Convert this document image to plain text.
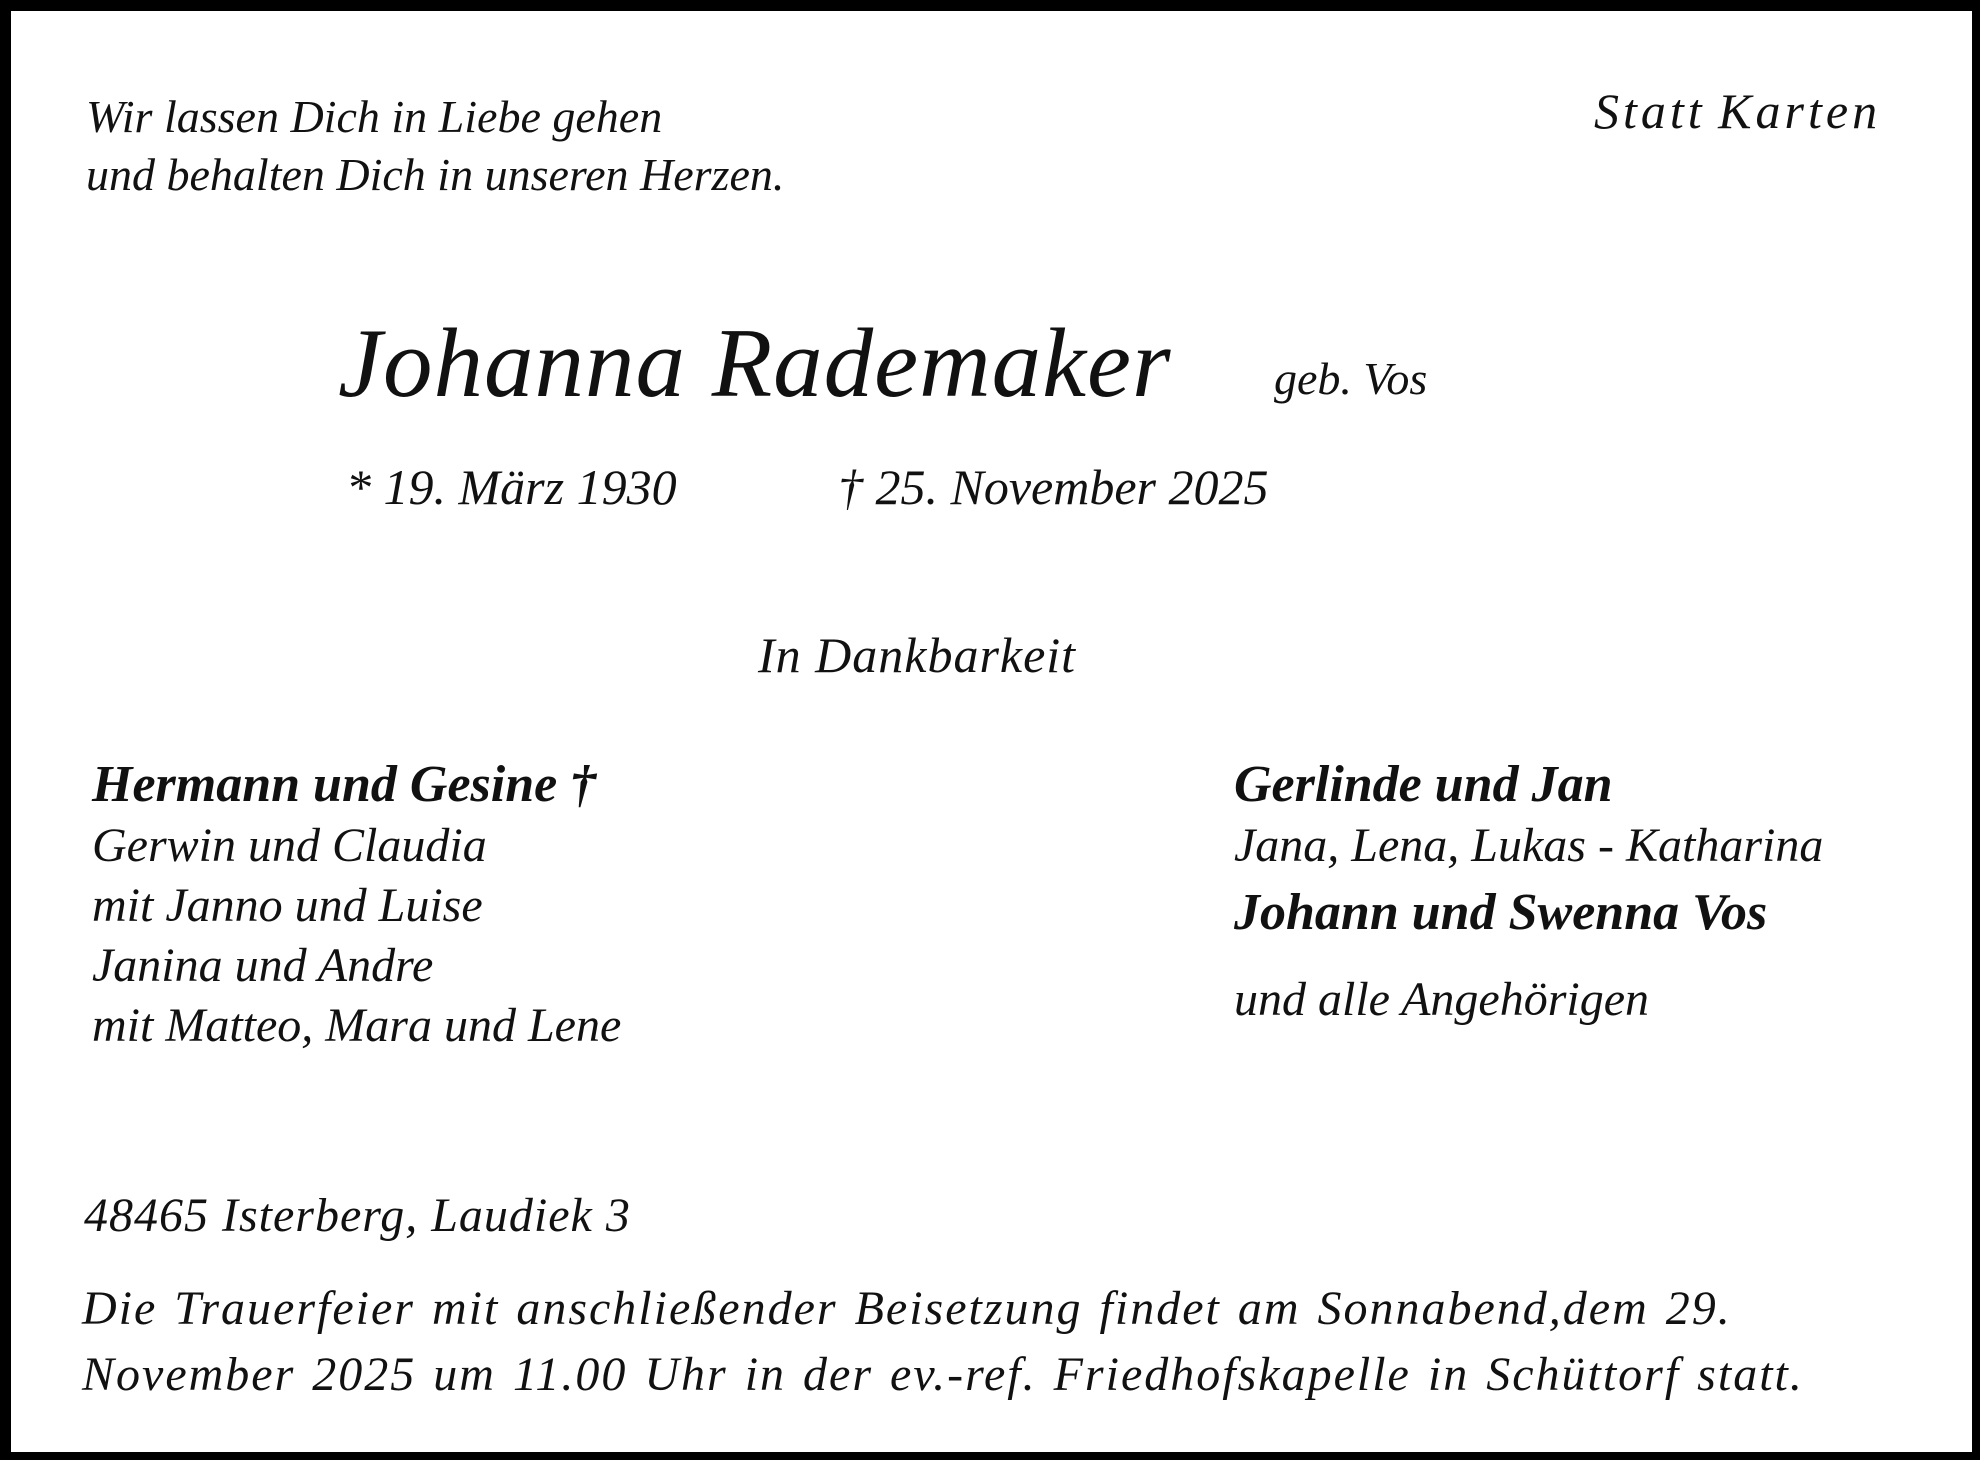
Wir lassen Dich in Liebe gehen
und behalten Dich in unseren Herzen.
Statt Karten
Johanna Rademaker geb. Vos
* 19. März 1930	† 25. November 2025
In Dankbarkeit
Hermann und Gesine †
Gerwin und Claudia
mit Janno und Luise
Janina und Andre
mit Matteo, Mara und Lene
Gerlinde und Jan
Jana, Lena, Lukas - Katharina
Johann und Swenna Vos
und alle Angehörigen
48465 Isterberg, Laudiek 3
Die Trauerfeier mit anschließender Beisetzung findet am Sonnabend,dem 29.
November 2025 um 11.00 Uhr in der ev.-ref. Friedhofskapelle in Schüttorf statt.
